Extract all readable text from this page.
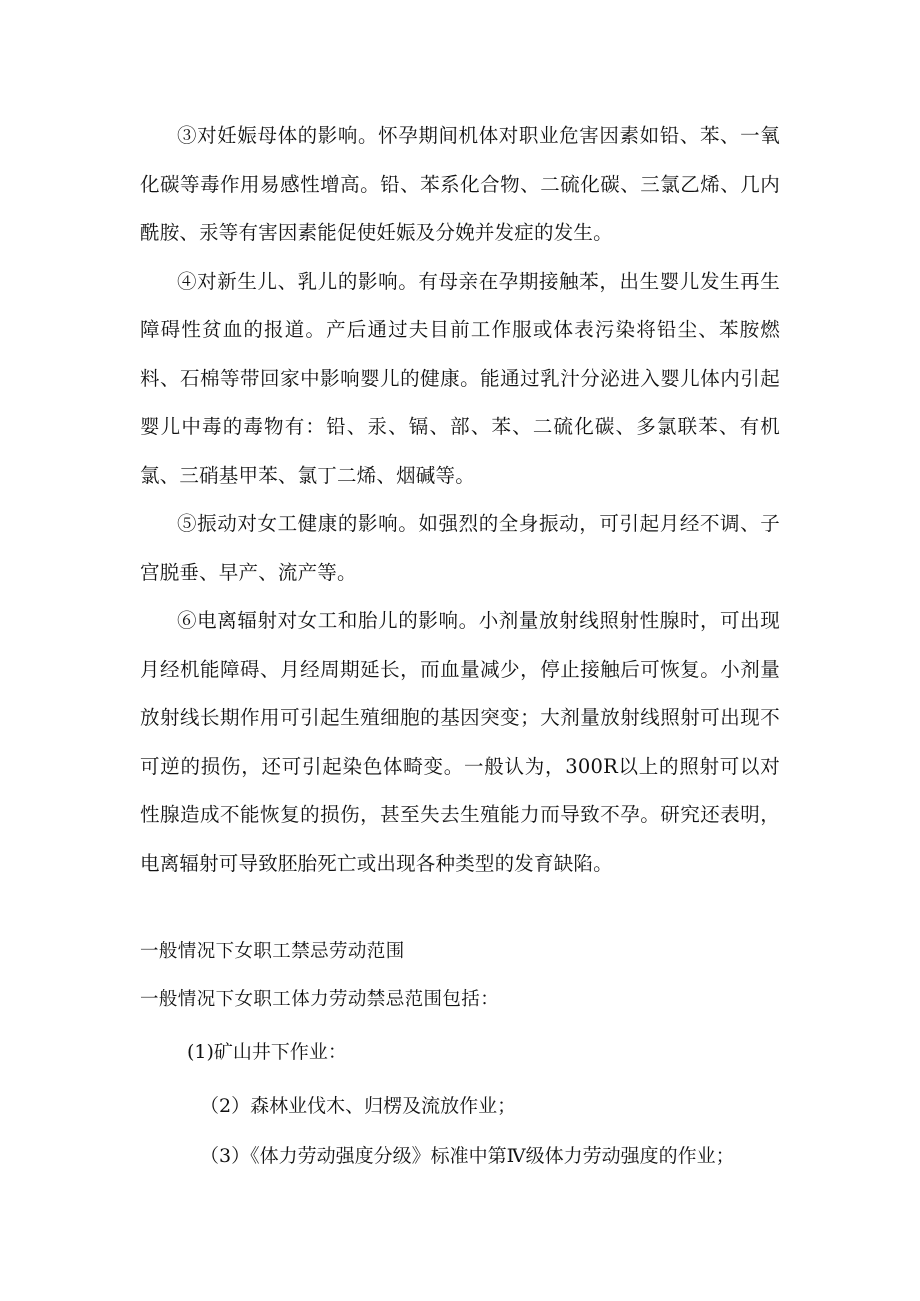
③对妊娠母体的影响。怀孕期间机体对职业危害因素如铅、苯、一氧化碳等毒作用易感性增高。铅、苯系化合物、二硫化碳、三氯乙烯、几内酰胺、汞等有害因素能促使妊娠及分娩并发症的发生。

④对新生儿、乳儿的影响。有母亲在孕期接触苯，出生婴儿发生再生障碍性贫血的报道。产后通过夫目前工作服或体表污染将铅尘、苯胺燃料、石棉等带回家中影响婴儿的健康。能通过乳汁分泌进入婴儿体内引起婴儿中毒的毒物有：铅、汞、镉、部、苯、二硫化碳、多氯联苯、有机氯、三硝基甲苯、氯丁二烯、烟碱等。

⑤振动对女工健康的影响。如强烈的全身振动，可引起月经不调、子宫脱垂、早产、流产等。

⑥电离辐射对女工和胎儿的影响。小剂量放射线照射性腺时，可出现月经机能障碍、月经周期延长，而血量减少，停止接触后可恢复。小剂量放射线长期作用可引起生殖细胞的基因突变；大剂量放射线照射可出现不可逆的损伤，还可引起染色体畸变。一般认为，300R以上的照射可以对性腺造成不能恢复的损伤，甚至失去生殖能力而导致不孕。研究还表明，电离辐射可导致胚胎死亡或出现各种类型的发育缺陷。

一般情况下女职工禁忌劳动范围

一般情况下女职工体力劳动禁忌范围包括：

(1)矿山井下作业：

（2）森林业伐木、归楞及流放作业；

（3）《体力劳动强度分级》标准中第Ⅳ级体力劳动强度的作业；
